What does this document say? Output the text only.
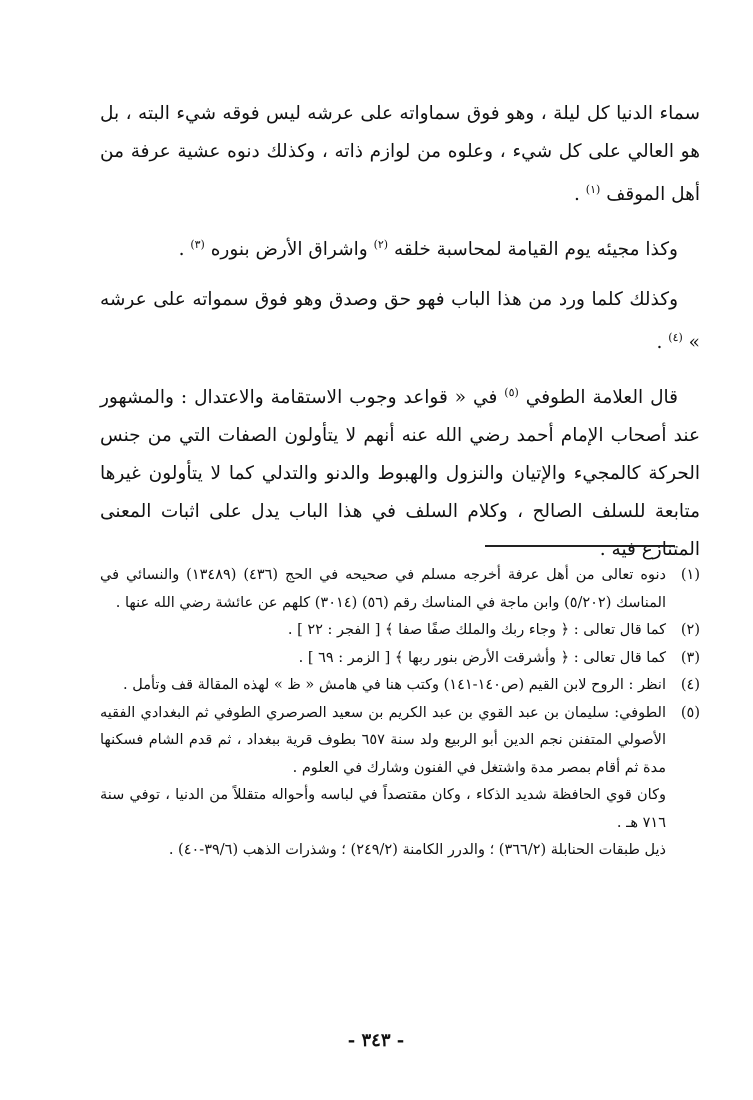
سماء الدنيا كل ليلة ، وهو فوق سماواته على عرشه ليس فوقه شيء البته ، بل هو العالي على كل شيء ، وعلوه من لوازم ذاته ، وكذلك دنوه عشية عرفة من أهل الموقف $^{(١)}$ .

وكذا مجيئه يوم القيامة لمحاسبة خلقه $^{(٢)}$ واشراق الأرض بنوره $^{(٣)}$ .

وكذلك كلما ورد من هذا الباب فهو حق وصدق وهو فوق سمواته على عرشه » $^{(٤)}$ .

قال العلامة الطوفي $^{(٥)}$ في « قواعد وجوب الاستقامة والاعتدال : والمشهور عند أصحاب الإمام أحمد رضي الله عنه أنهم لا يتأولون الصفات التي من جنس الحركة كالمجيء والإتيان والنزول والهبوط والدنو والتدلي كما لا يتأولون غيرها متابعة للسلف الصالح ، وكلام السلف في هذا الباب يدل على اثبات المعنى المتنازع فيه .

(١)
دنوه تعالى من أهل عرفة أخرجه مسلم في صحيحه في الحج (٤٣٦) (١٣٤٨٩) والنسائي في المناسك (٥/٢٠٢) وابن ماجة في المناسك رقم (٥٦) (٣٠١٤) كلهم عن عائشة رضي الله عنها .
(٢)
كما قال تعالى : ﴿ وجاء ربك والملك صفًا صفا ﴾ [ الفجر : ٢٢ ] .
(٣)
كما قال تعالى : ﴿ وأشرقت الأرض بنور ربها ﴾ [ الزمر : ٦٩ ] .
(٤)
انظر : الروح لابن القيم (ص١٤٠-١٤١) وكتب هنا في هامش « ظ » لهذه المقالة قف وتأمل .
(٥)
الطوفي: سليمان بن عبد القوي بن عبد الكريم بن سعيد الصرصري الطوفي ثم البغدادي الفقيه الأصولي المتفنن نجم الدين أبو الربيع ولد سنة ٦٥٧ بطوف قرية ببغداد ، ثم قدم الشام فسكنها مدة ثم أقام بمصر مدة واشتغل في الفنون وشارك في العلوم .
وكان قوي الحافظة شديد الذكاء ، وكان مقتصداً في لباسه وأحواله متقللاً من الدنيا ، توفي سنة ٧١٦ هـ .
ذيل طبقات الحنابلة (٣٦٦/٢) ؛ والدرر الكامنة (٢٤٩/٢) ؛ وشذرات الذهب (٣٩/٦-٤٠) .
- ٣٤٣ -
